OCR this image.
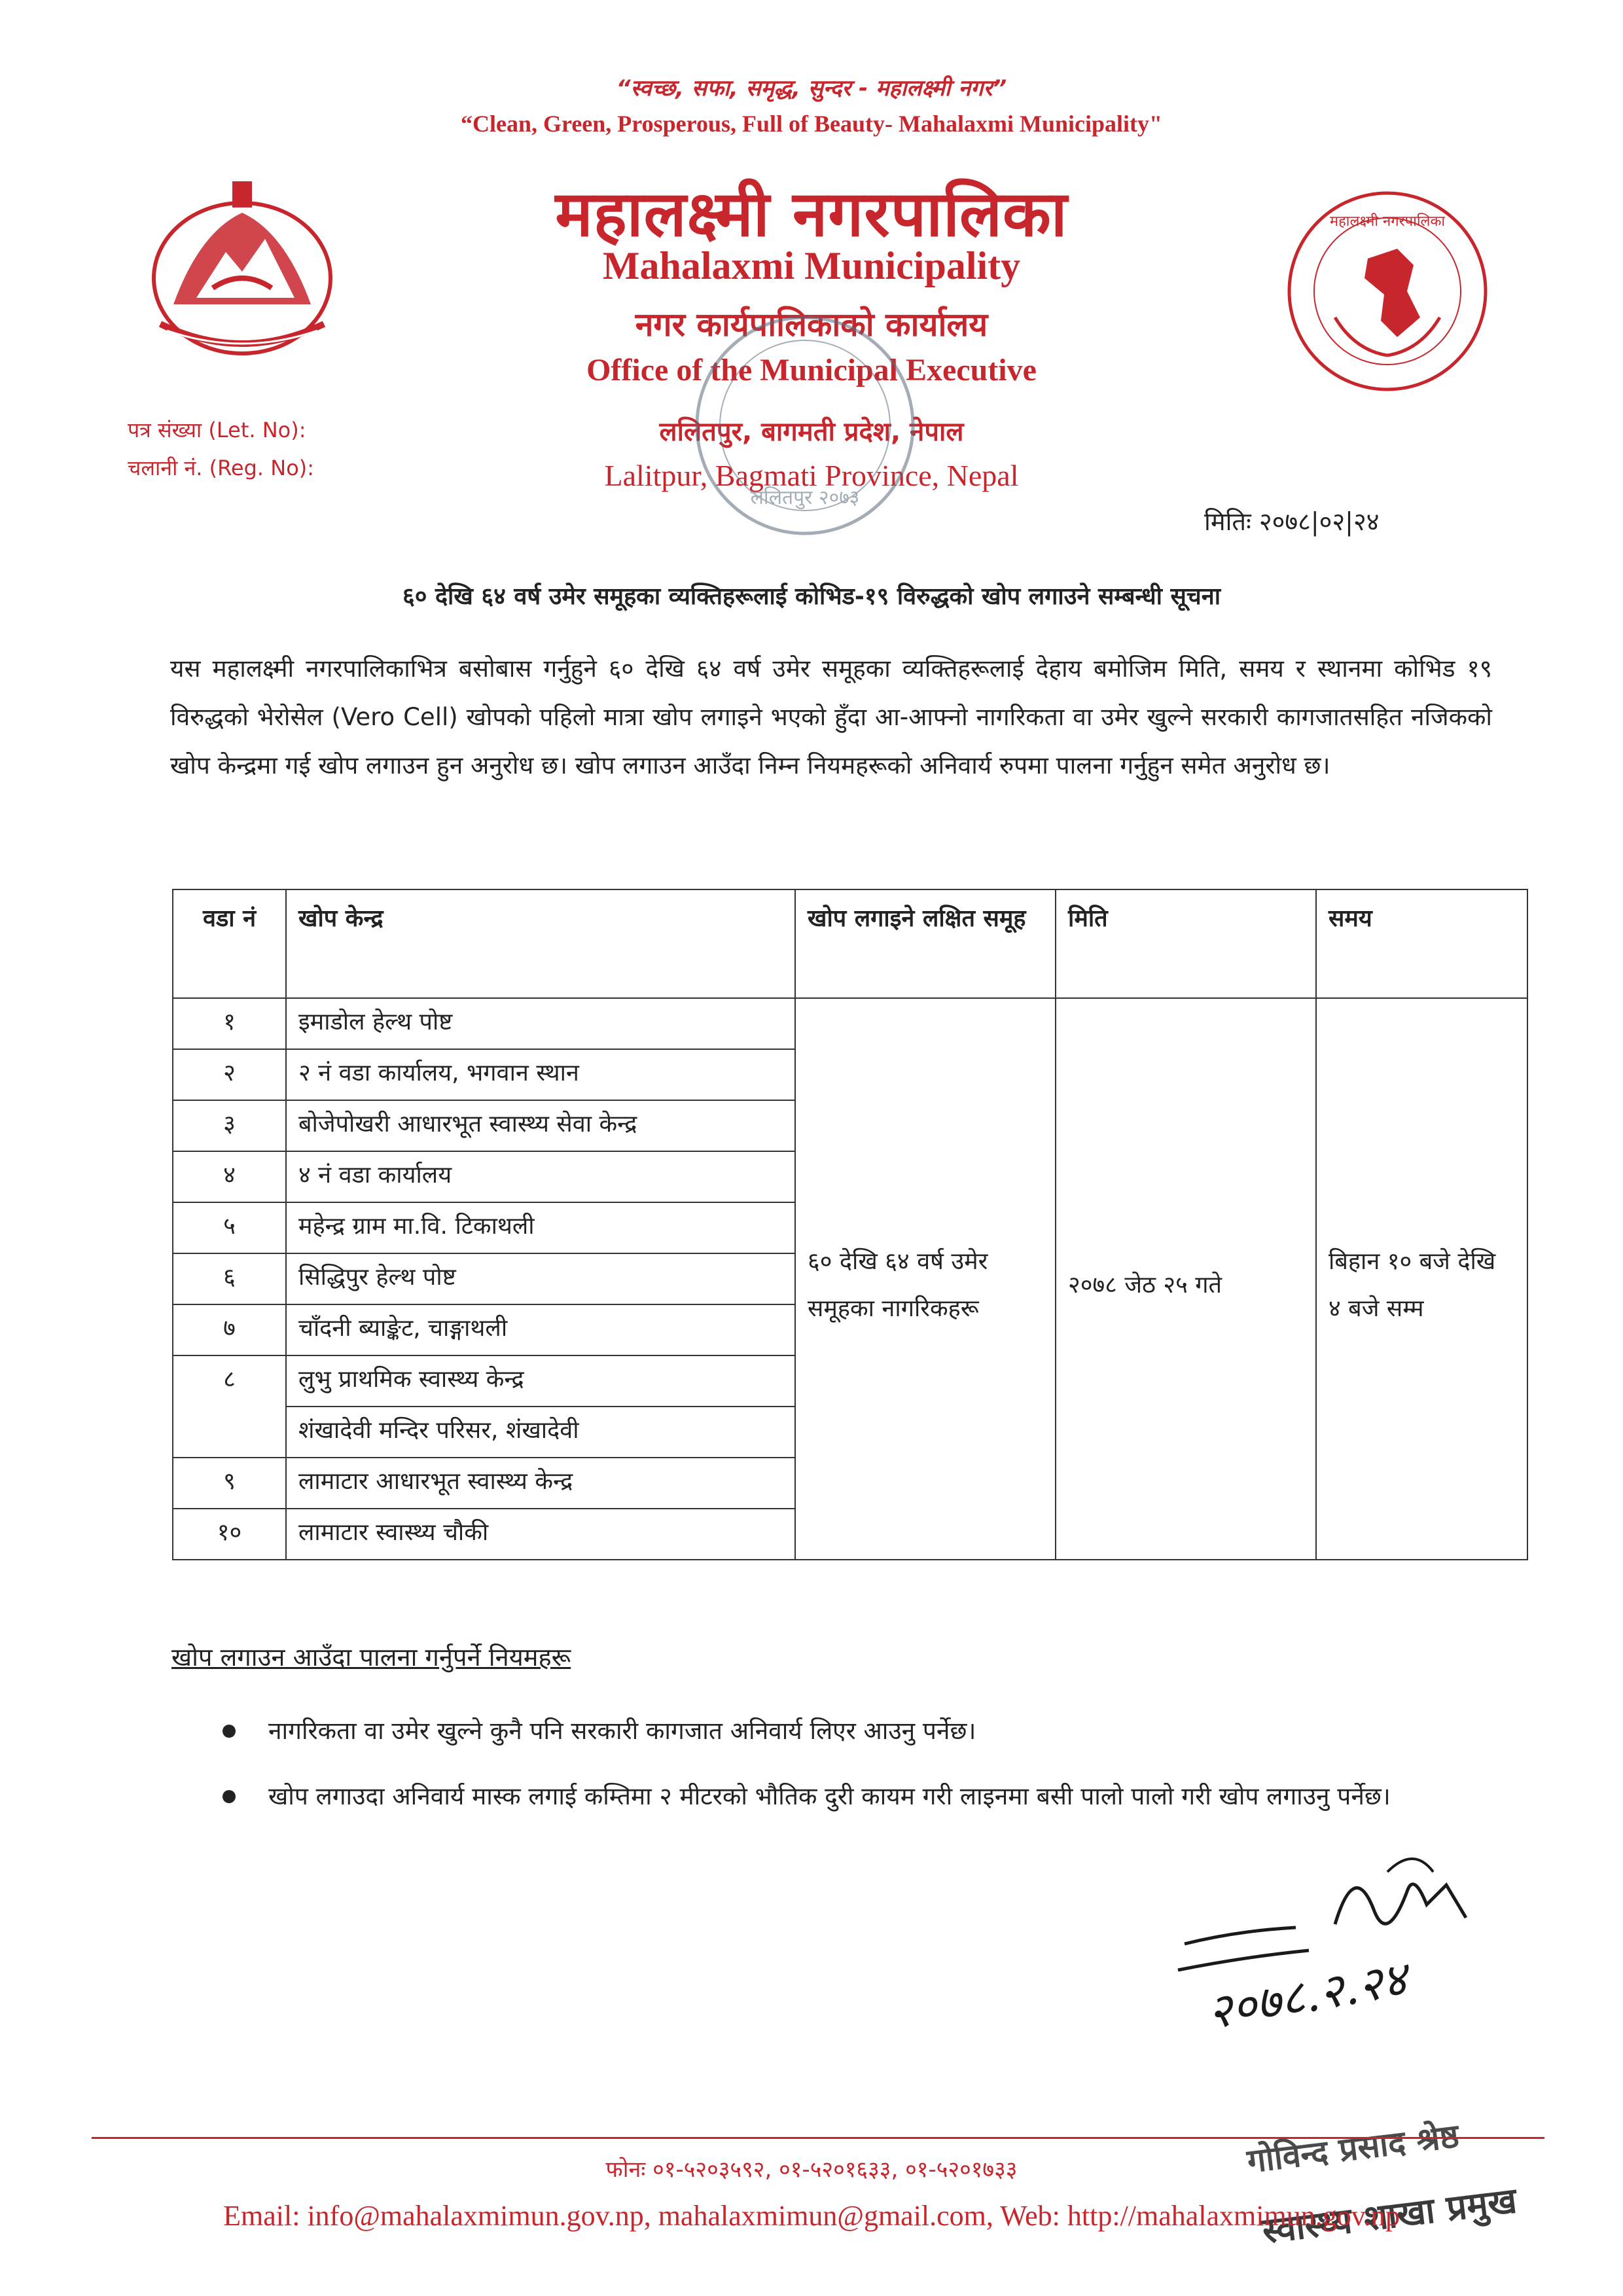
“स्वच्छ, सफा, समृद्ध, सुन्दर - महालक्ष्मी नगर”
“Clean, Green, Prosperous, Full of Beauty- Mahalaxmi Municipality"
महालक्ष्मी नगरपालिका
महालक्ष्मी नगरपालिका
Mahalaxmi Municipality
नगर कार्यपालिकाको कार्यालय
Office of the Municipal Executive
ललितपुर, बागमती प्रदेश, नेपाल
Lalitpur, Bagmati Province, Nepal
पत्र संख्या (Let. No):
चलानी नं. (Reg. No):
ललितपुर २०७३
मितिः २०७८|०२|२४
६० देखि ६४ वर्ष उमेर समूहका व्यक्तिहरूलाई कोभिड-१९ विरुद्धको खोप लगाउने सम्बन्धी सूचना
यस महालक्ष्मी नगरपालिकाभित्र बसोबास गर्नुहुने ६० देखि ६४ वर्ष उमेर समूहका व्यक्तिहरूलाई देहाय बमोजिम मिति, समय र स्थानमा कोभिड १९ विरुद्धको भेरोसेल (Vero Cell) खोपको पहिलो मात्रा खोप लगाइने भएको हुँदा आ-आफ्नो नागरिकता वा उमेर खुल्ने सरकारी कागजातसहित नजिकको खोप केन्द्रमा गई खोप लगाउन हुन अनुरोध छ। खोप लगाउन आउँदा निम्न नियमहरूको अनिवार्य रुपमा पालना गर्नुहुन समेत अनुरोध छ।
वडा नं	खोप केन्द्र	खोप लगाइने लक्षित समूह	मिति	समय
१	इमाडोल हेल्थ पोष्ट	६० देखि ६४ वर्ष उमेर समूहका नागरिकहरू	२०७८ जेठ २५ गते	बिहान १० बजे देखि ४ बजे सम्म
२	२ नं वडा कार्यालय, भगवान स्थान			
३	बोजेपोखरी आधारभूत स्वास्थ्य सेवा केन्द्र			
४	४ नं वडा कार्यालय			
५	महेन्द्र ग्राम मा.वि. टिकाथली			
६	सिद्धिपुर हेल्थ पोष्ट			
७	चाँदनी ब्याङ्केट, चाङ्गाथली			
८	लुभु प्राथमिक स्वास्थ्य केन्द्र			
	शंखादेवी मन्दिर परिसर, शंखादेवी			
९	लामाटार आधारभूत स्वास्थ्य केन्द्र			
१०	लामाटार स्वास्थ्य चौकी			
खोप लगाउन आउँदा पालना गर्नुपर्ने नियमहरू
नागरिकता वा उमेर खुल्ने कुनै पनि सरकारी कागजात अनिवार्य लिएर आउनु पर्नेछ।
खोप लगाउदा अनिवार्य मास्क लगाई कम्तिमा २ मीटरको भौतिक दुरी कायम गरी लाइनमा बसी पालो पालो गरी खोप लगाउनु पर्नेछ।
२०७८.२.२४
गोविन्द प्रसाद श्रेष्ठ
स्वास्थ्य शाखा प्रमुख
फोनः ०१-५२०३५९२, ०१-५२०१६३३, ०१-५२०१७३३
Email: info@mahalaxmimun.gov.np, mahalaxmimun@gmail.com, Web: http://mahalaxmimun.gov.np
